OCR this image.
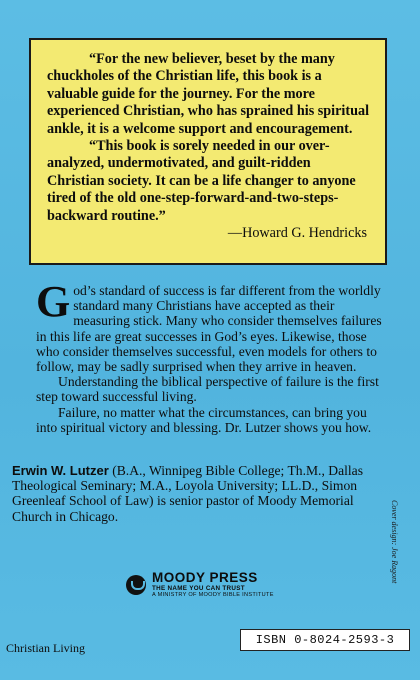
“For the new believer, beset by the many chuckholes of the Christian life, this book is a valuable guide for the journey. For the more experienced Christian, who has sprained his spiritual ankle, it is a welcome support and encouragement.

“This book is sorely needed in our over-analyzed, undermotivated, and guilt-ridden Christian society. It can be a life changer to anyone tired of the old one-step-forward-and-two-steps-backward routine.”

—Howard G. Hendricks

God’s standard of success is far different from the worldly standard many Christians have accepted as their measuring stick. Many who consider themselves failures in this life are great successes in God’s eyes. Likewise, those who consider themselves successful, even models for others to follow, may be sadly surprised when they arrive in heaven.

Understanding the biblical perspective of failure is the first step toward successful living.

Failure, no matter what the circumstances, can bring you into spiritual victory and blessing. Dr. Lutzer shows you how.

Erwin W. Lutzer (B.A., Winnipeg Bible College; Th.M., Dallas Theological Seminary; M.A., Loyola University; LL.D., Simon Greenleaf School of Law) is senior pastor of Moody Memorial Church in Chicago.	Cover design: Joe Ragont
MOODY PRESS
THE NAME YOU CAN TRUST
A MINISTRY OF MOODY BIBLE INSTITUTE
Christian Living
ISBN 0-8024-2593-3
